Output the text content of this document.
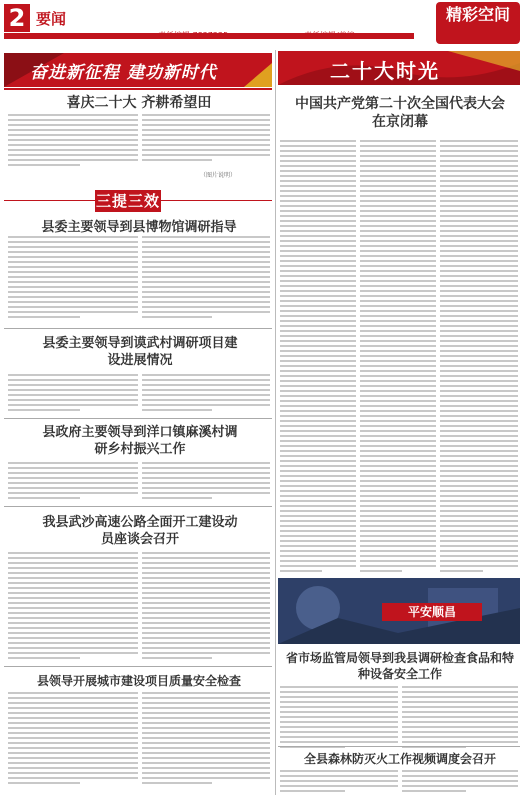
2 要闻	精彩空间
奋进新征程 建功新时代	二十大时光
喜庆二十大 齐耕希望田
（图片说明）
三提三效
县委主要领导到县博物馆调研指导
县委主要领导到谟武村调研项目建设进展情况
县政府主要领导到洋口镇麻溪村调研乡村振兴工作
我县武沙高速公路全面开工建设动员座谈会召开
县领导开展城市建设项目质量安全检查
中国共产党第二十次全国代表大会在京闭幕
平安顺昌
省市场监管局领导到我县调研检查食品和特种设备安全工作
全县森林防灭火工作视频调度会召开
